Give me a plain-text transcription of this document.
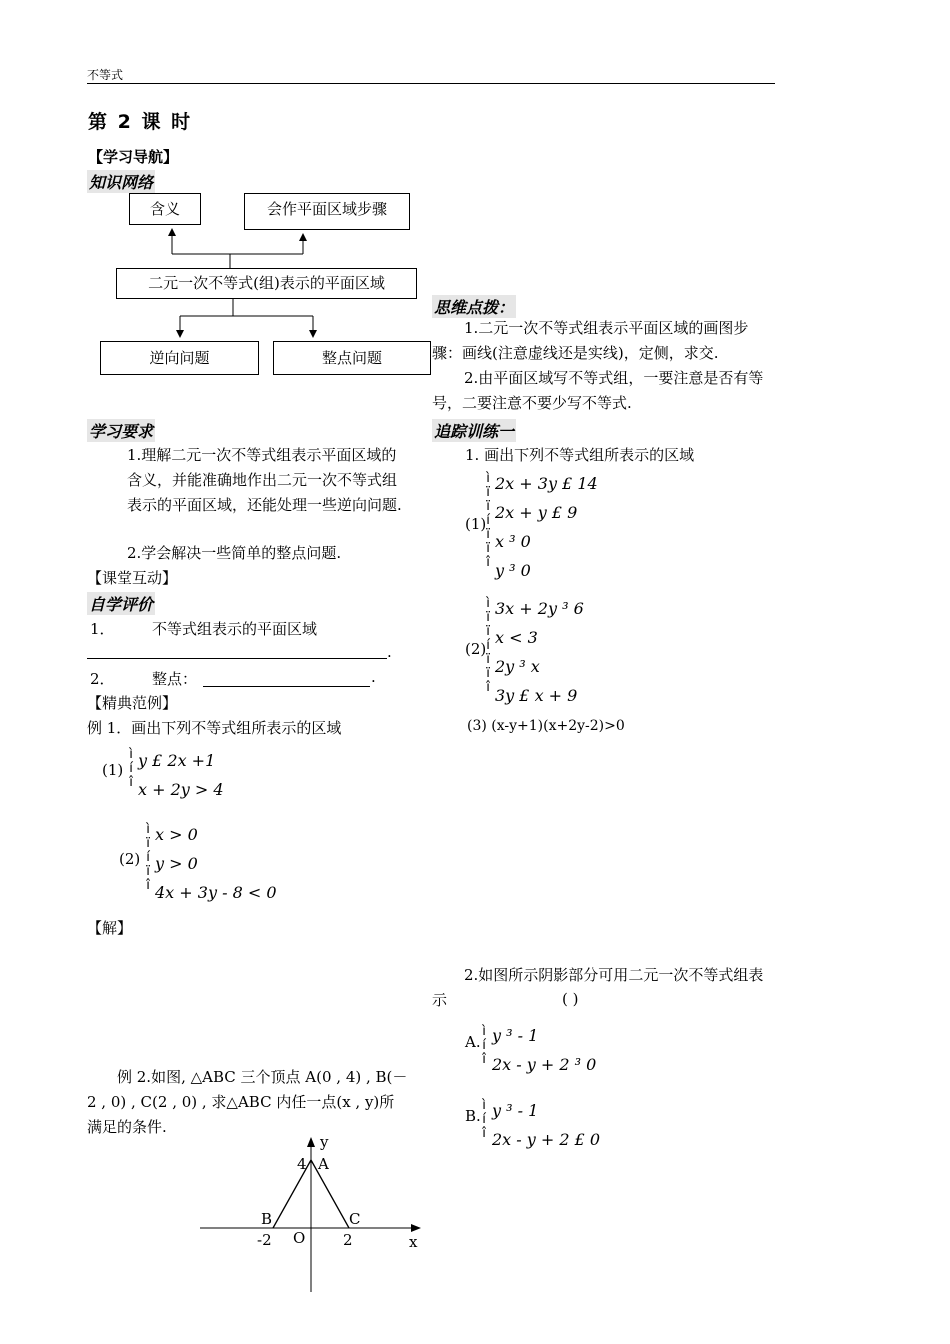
不等式
第 2 课 时
【学习导航】
知识网络
含义	会作平面区域步骤
二元一次不等式(组)表示的平面区域
逆向问题	整点问题
学习要求
1.理解二元一次不等式组表示平面区域的含义，并能准确地作出二元一次不等式组表示的平面区域，还能处理一些逆向问题.
2.学会解决一些简单的整点问题.
【课堂互动】
自学评价
1． 不等式组表示的平面区域
.
2． 整点：	.
【精典范例】
例 1．画出下列不等式组所表示的区域
(1)
ì
í
î
y £ 2x +1
x + 2y > 4
(2)
ì
ï
í
ï
î
x > 0
y > 0
4x + 3y - 8 < 0
【解】
例 2.如图, △ABC 三个顶点 A(0 , 4) , B(－2 , 0) , C(2 , 0) , 求△ABC 内任一点(x , y)所满足的条件.
y
x
4 A
B	C
-2 O	2
思维点拨：
1.二元一次不等式组表示平面区域的画图步骤：画线(注意虚线还是实线)，定侧，求交.
2.由平面区域写不等式组，一要注意是否有等号，二要注意不要少写不等式.
追踪训练一
1. 画出下列不等式组所表示的区域
(1)
ì
ï
ï
í
ï
ï
î
2x + 3y £ 14
2x + y £ 9
x ³ 0
y ³ 0
(2)
ì
ï
ï
í
ï
ï
î
3x + 2y ³ 6
x < 3
2y ³ x
3y £ x + 9
(3) (x-y+1)(x+2y-2)>0
2.如图所示阴影部分可用二元一次不等式组表示	( )
A.
ì
í
î
y ³ - 1
2x - y + 2 ³ 0
B.
ì
í
î
y ³ - 1
2x - y + 2 £ 0
